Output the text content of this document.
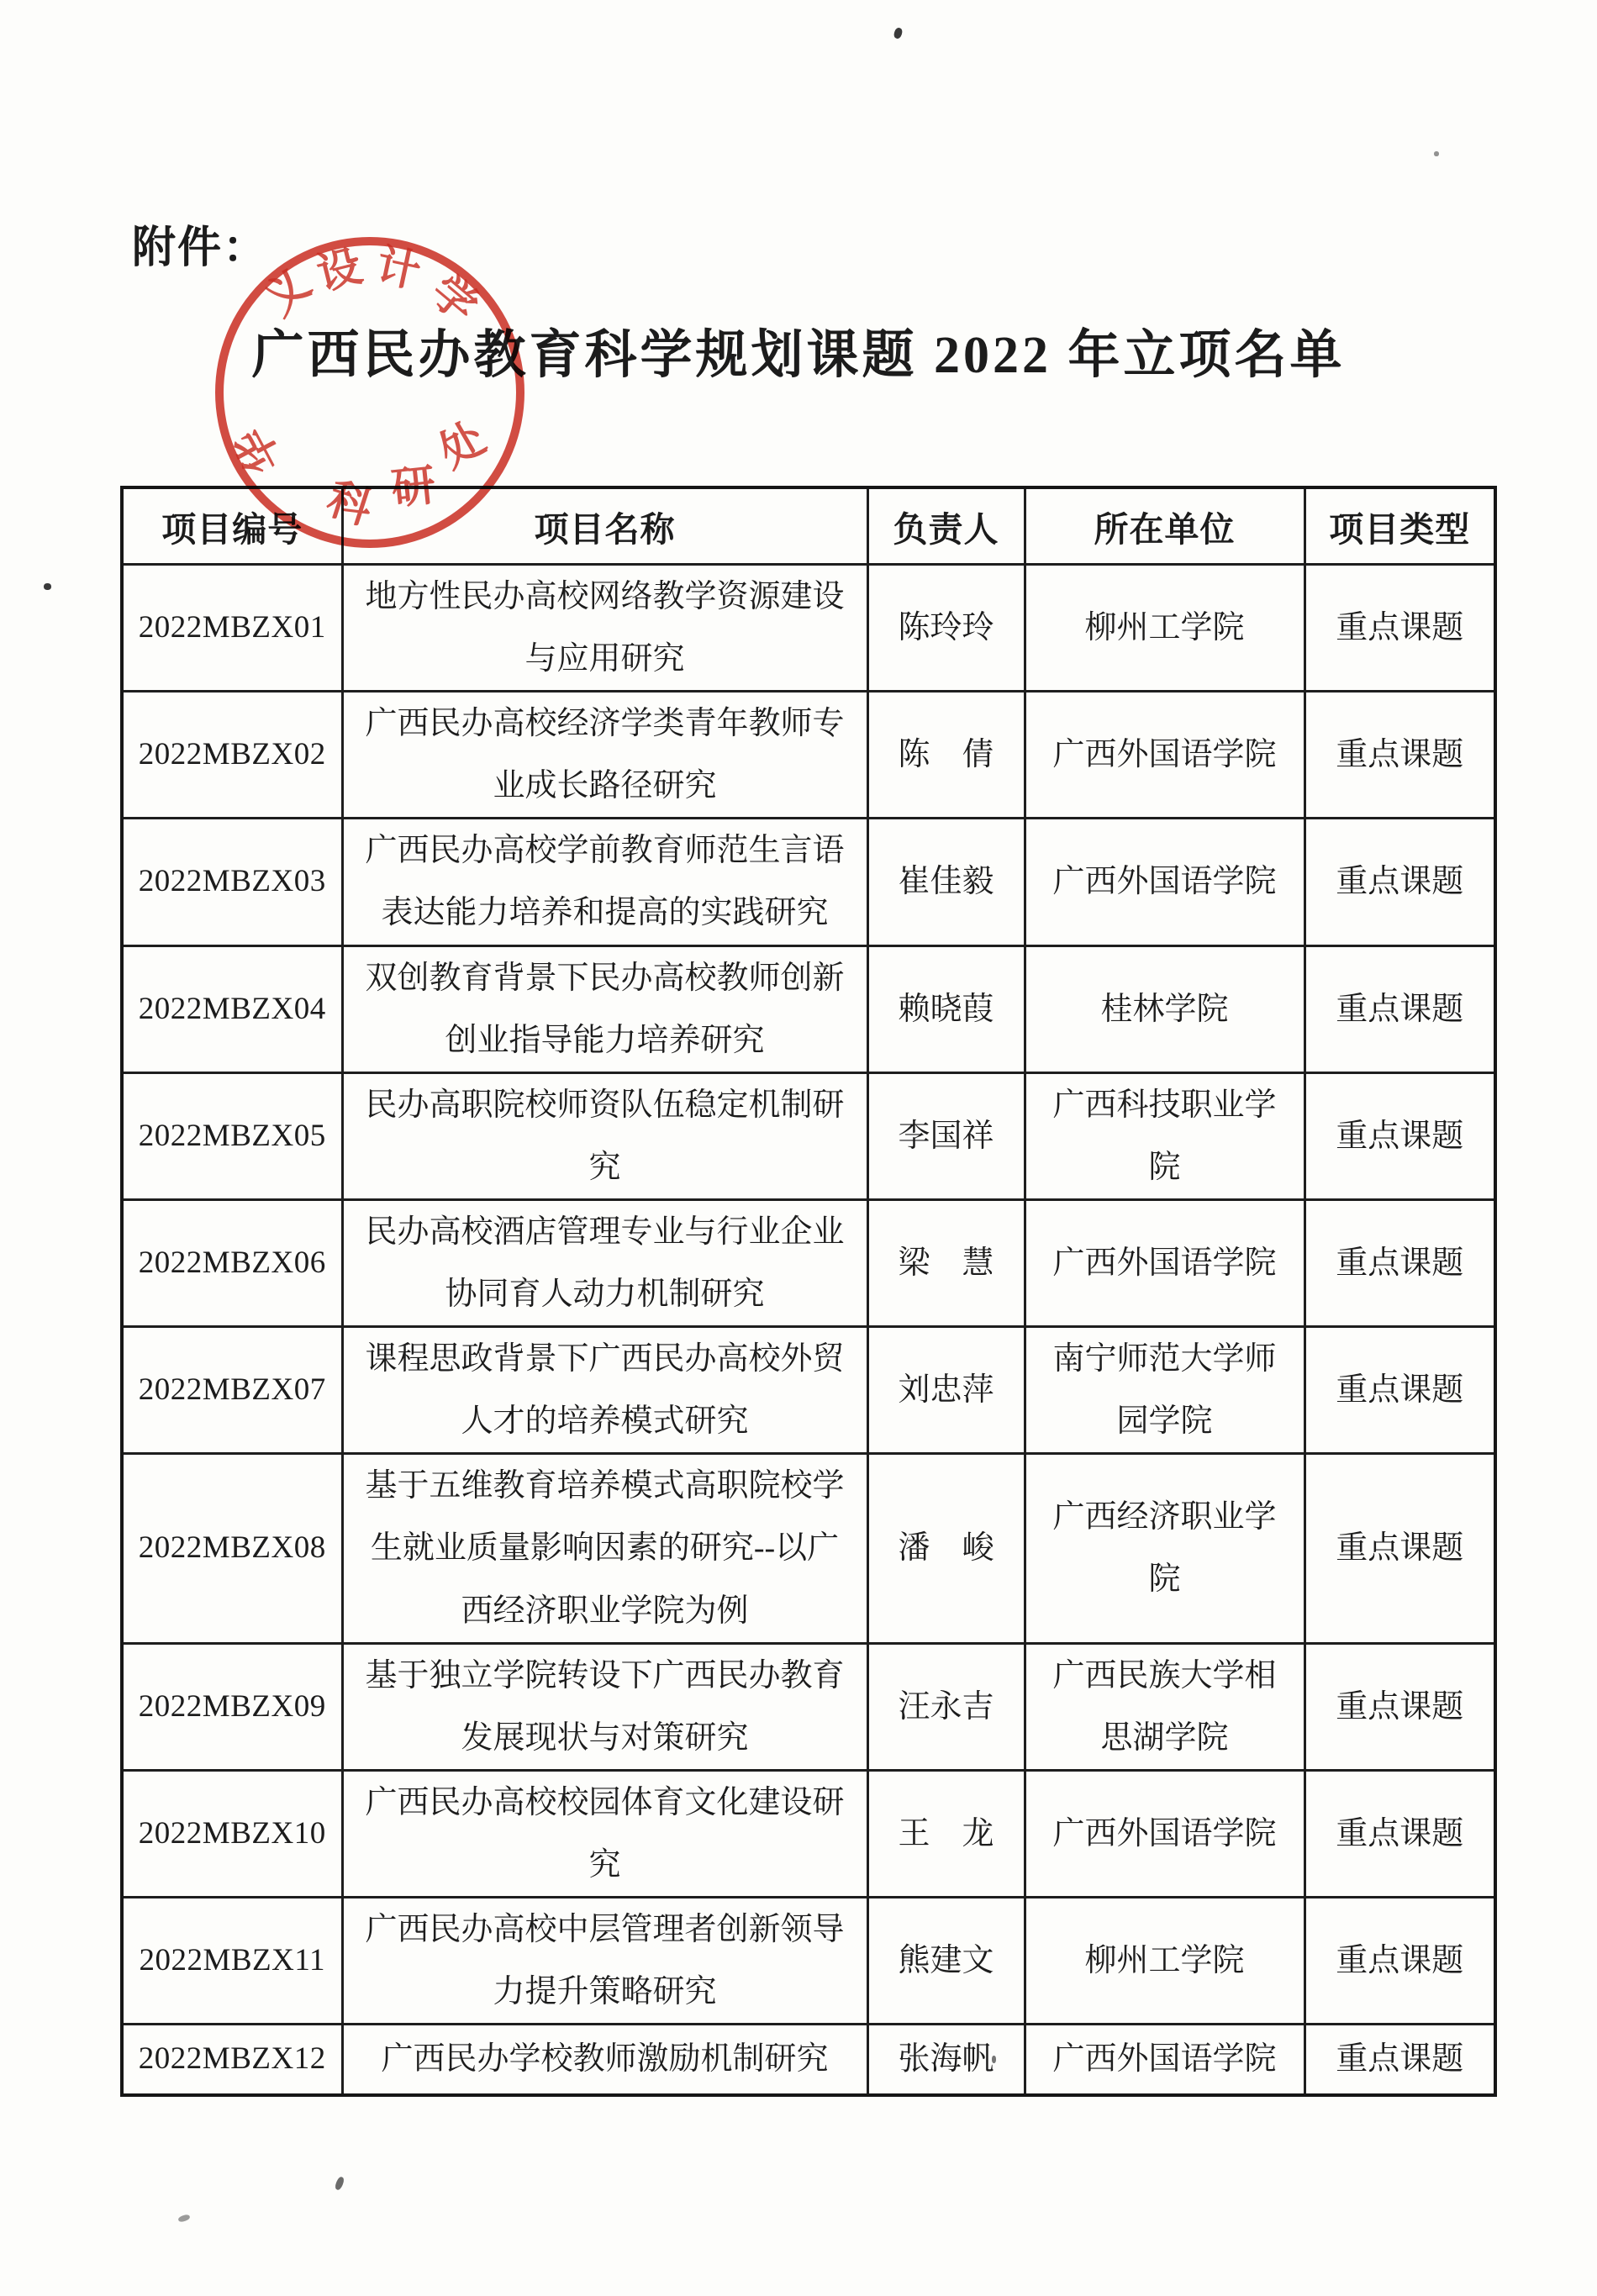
附件：
广西民办教育科学规划课题 2022 年立项名单
义
设 计
学
华
科 研
处
项目编号	项目名称	负责人	所在单位	项目类型
2022MBZX01	地方性民办高校网络教学资源建设与应用研究	陈玲玲	柳州工学院	重点课题
2022MBZX02	广西民办高校经济学类青年教师专业成长路径研究	陈　倩	广西外国语学院	重点课题
2022MBZX03	广西民办高校学前教育师范生言语表达能力培养和提高的实践研究	崔佳毅	广西外国语学院	重点课题
2022MBZX04	双创教育背景下民办高校教师创新创业指导能力培养研究	赖晓葭	桂林学院	重点课题
2022MBZX05	民办高职院校师资队伍稳定机制研究	李国祥	广西科技职业学院	重点课题
2022MBZX06	民办高校酒店管理专业与行业企业协同育人动力机制研究	梁　慧	广西外国语学院	重点课题
2022MBZX07	课程思政背景下广西民办高校外贸人才的培养模式研究	刘忠萍	南宁师范大学师园学院	重点课题
2022MBZX08	基于五维教育培养模式高职院校学生就业质量影响因素的研究--以广西经济职业学院为例	潘　峻	广西经济职业学院	重点课题
2022MBZX09	基于独立学院转设下广西民办教育发展现状与对策研究	汪永吉	广西民族大学相思湖学院	重点课题
2022MBZX10	广西民办高校校园体育文化建设研究	王　龙	广西外国语学院	重点课题
2022MBZX11	广西民办高校中层管理者创新领导力提升策略研究	熊建文	柳州工学院	重点课题
2022MBZX12	广西民办学校教师激励机制研究	张海帆	广西外国语学院	重点课题
